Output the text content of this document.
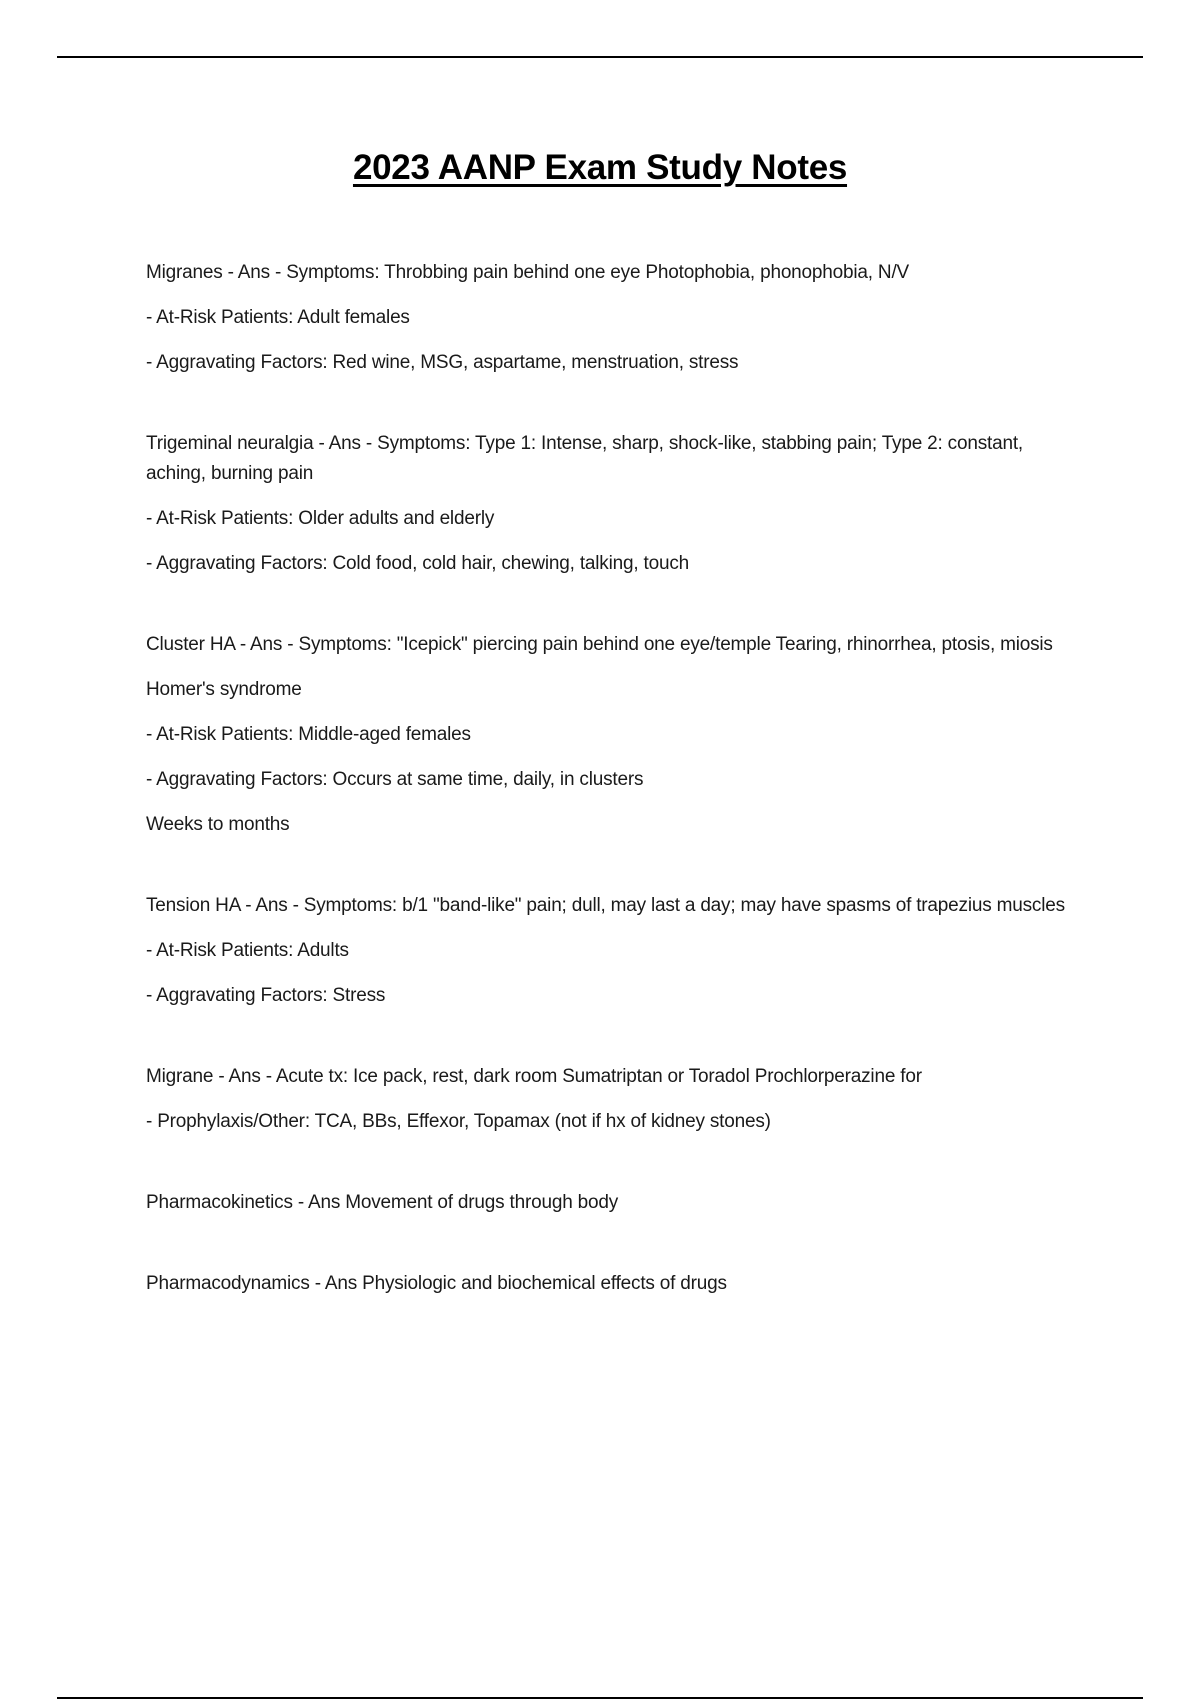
2023 AANP Exam Study Notes

Migranes - Ans - Symptoms: Throbbing pain behind one eye Photophobia, phonophobia, N/V

- At-Risk Patients: Adult females

- Aggravating Factors: Red wine, MSG, aspartame, menstruation, stress

Trigeminal neuralgia - Ans - Symptoms: Type 1: Intense, sharp, shock-like, stabbing pain; Type 2: constant, aching, burning pain

- At-Risk Patients: Older adults and elderly

- Aggravating Factors: Cold food, cold hair, chewing, talking, touch

Cluster HA - Ans - Symptoms: "Icepick" piercing pain behind one eye/temple Tearing, rhinorrhea, ptosis, miosis

Homer's syndrome

- At-Risk Patients: Middle-aged females

- Aggravating Factors: Occurs at same time, daily, in clusters

Weeks to months

Tension HA - Ans - Symptoms: b/1 "band-like" pain; dull, may last a day; may have spasms of trapezius muscles

- At-Risk Patients: Adults

- Aggravating Factors: Stress

Migrane - Ans - Acute tx: Ice pack, rest, dark room Sumatriptan or Toradol Prochlorperazine for

- Prophylaxis/Other: TCA, BBs, Effexor, Topamax (not if hx of kidney stones)

Pharmacokinetics - Ans Movement of drugs through body

Pharmacodynamics - Ans Physiologic and biochemical effects of drugs
